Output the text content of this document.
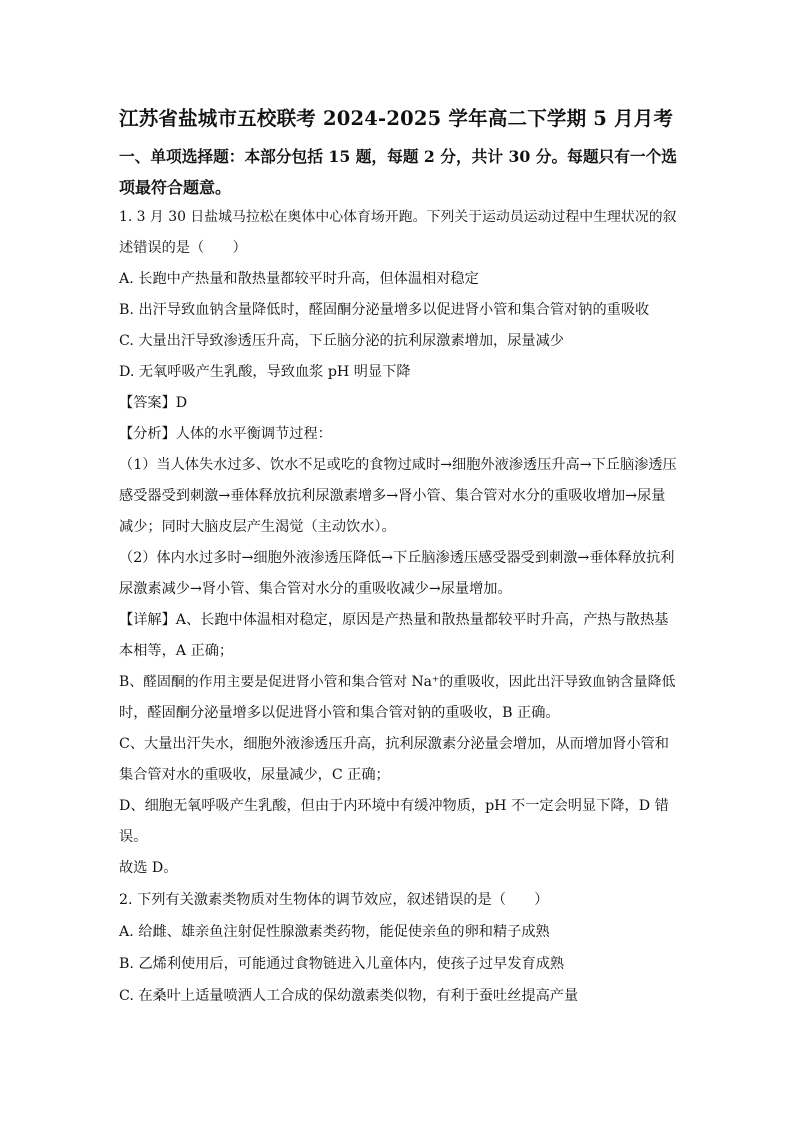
江苏省盐城市五校联考 2024-2025 学年高二下学期 5 月月考
一、单项选择题：本部分包括 15 题，每题 2 分，共计 30 分。每题只有一个选
项最符合题意。
1. 3 月 30 日盐城马拉松在奥体中心体育场开跑。下列关于运动员运动过程中生理状况的叙
述错误的是（　　）
A. 长跑中产热量和散热量都较平时升高，但体温相对稳定
B. 出汗导致血钠含量降低时，醛固酮分泌量增多以促进肾小管和集合管对钠的重吸收
C. 大量出汗导致渗透压升高，下丘脑分泌的抗利尿激素增加，尿量减少
D. 无氧呼吸产生乳酸，导致血浆 pH 明显下降
【答案】D
【分析】人体的水平衡调节过程：
（1）当人体失水过多、饮水不足或吃的食物过咸时→细胞外液渗透压升高→下丘脑渗透压
感受器受到刺激→垂体释放抗利尿激素增多→肾小管、集合管对水分的重吸收增加→尿量
减少；同时大脑皮层产生渴觉（主动饮水）。
（2）体内水过多时→细胞外液渗透压降低→下丘脑渗透压感受器受到刺激→垂体释放抗利
尿激素减少→肾小管、集合管对水分的重吸收减少→尿量增加。
【详解】A、长跑中体温相对稳定，原因是产热量和散热量都较平时升高，产热与散热基
本相等，A 正确；
B、醛固酮的作用主要是促进肾小管和集合管对 Na⁺的重吸收，因此出汗导致血钠含量降低
时，醛固酮分泌量增多以促进肾小管和集合管对钠的重吸收，B 正确。
C、大量出汗失水，细胞外液渗透压升高，抗利尿激素分泌量会增加，从而增加肾小管和
集合管对水的重吸收，尿量减少，C 正确；
D、细胞无氧呼吸产生乳酸，但由于内环境中有缓冲物质，pH 不一定会明显下降，D 错
误。
故选 D。
2. 下列有关激素类物质对生物体的调节效应，叙述错误的是（　　）
A. 给雌、雄亲鱼注射促性腺激素类药物，能促使亲鱼的卵和精子成熟
B. 乙烯利使用后，可能通过食物链进入儿童体内，使孩子过早发育成熟
C. 在桑叶上适量喷洒人工合成的保幼激素类似物，有利于蚕吐丝提高产量
